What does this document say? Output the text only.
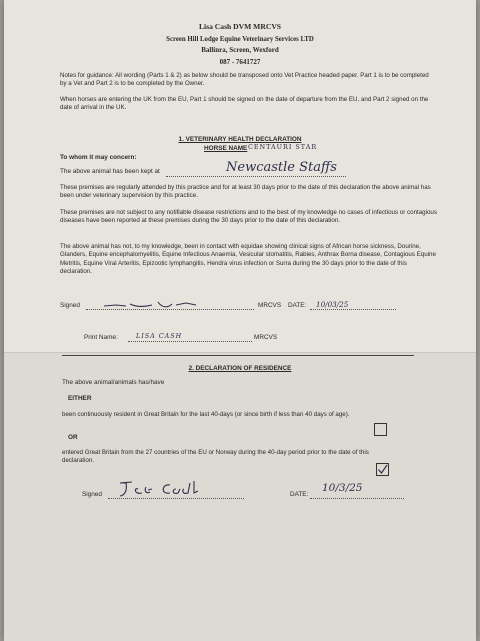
Lisa Cash DVM MRCVS
Screen Hill Lodge Equine Veterinary Services LTD
Ballinra, Screen, Wexford
087 - 7641727
Notes for guidance: All wording (Parts 1 & 2) as below should be transposed onto Vet Practice headed paper. Part 1 is to be completed by a Vet and Part 2 is to be completed by the Owner.
When horses are entering the UK from the EU, Part 1 should be signed on the date of departure from the EU, and Part 2 signed on the date of arrival in the UK.
1. VETERINARY HEALTH DECLARATION
HORSE NAME CENTAURI STAR
To whom it may concern:
The above animal has been kept at	Newcastle Staffs
These premises are regularly attended by this practice and for at least 30 days prior to the date of this declaration the above animal has been under veterinary supervision by this practice.
These premises are not subject to any notifiable disease restrictions and to the best of my knowledge no cases of infectious or contagious diseases have been reported at these premises during the 30 days prior to the date of this declaration.
The above animal has not, to my knowledge, been in contact with equidae showing clinical signs of African horse sickness, Dourine, Glanders, Equine encephalomyelitis, Equine Infectious Anaemia, Vesicular stomatitis, Rabies, Anthrax Borna disease, Contagious Equine Metritis, Equine Viral Arteritis, Epizootic lymphangitis, Hendra virus infection or Surra during the 30 days prior to the date of this declaration.
Signed	MRCVS DATE: 10/03/25
Print Name:	LISA CASH	MRCVS
2. DECLARATION OF RESIDENCE
The above animal/animals has/have
EITHER
been continuously resident in Great Britain for the last 40-days (or since birth if less than 40 days of age).
OR
entered Great Britain from the 27 countries of the EU or Norway during the 40-day period prior to the date of this declaration.
Signed	DATE:
10/3/25
